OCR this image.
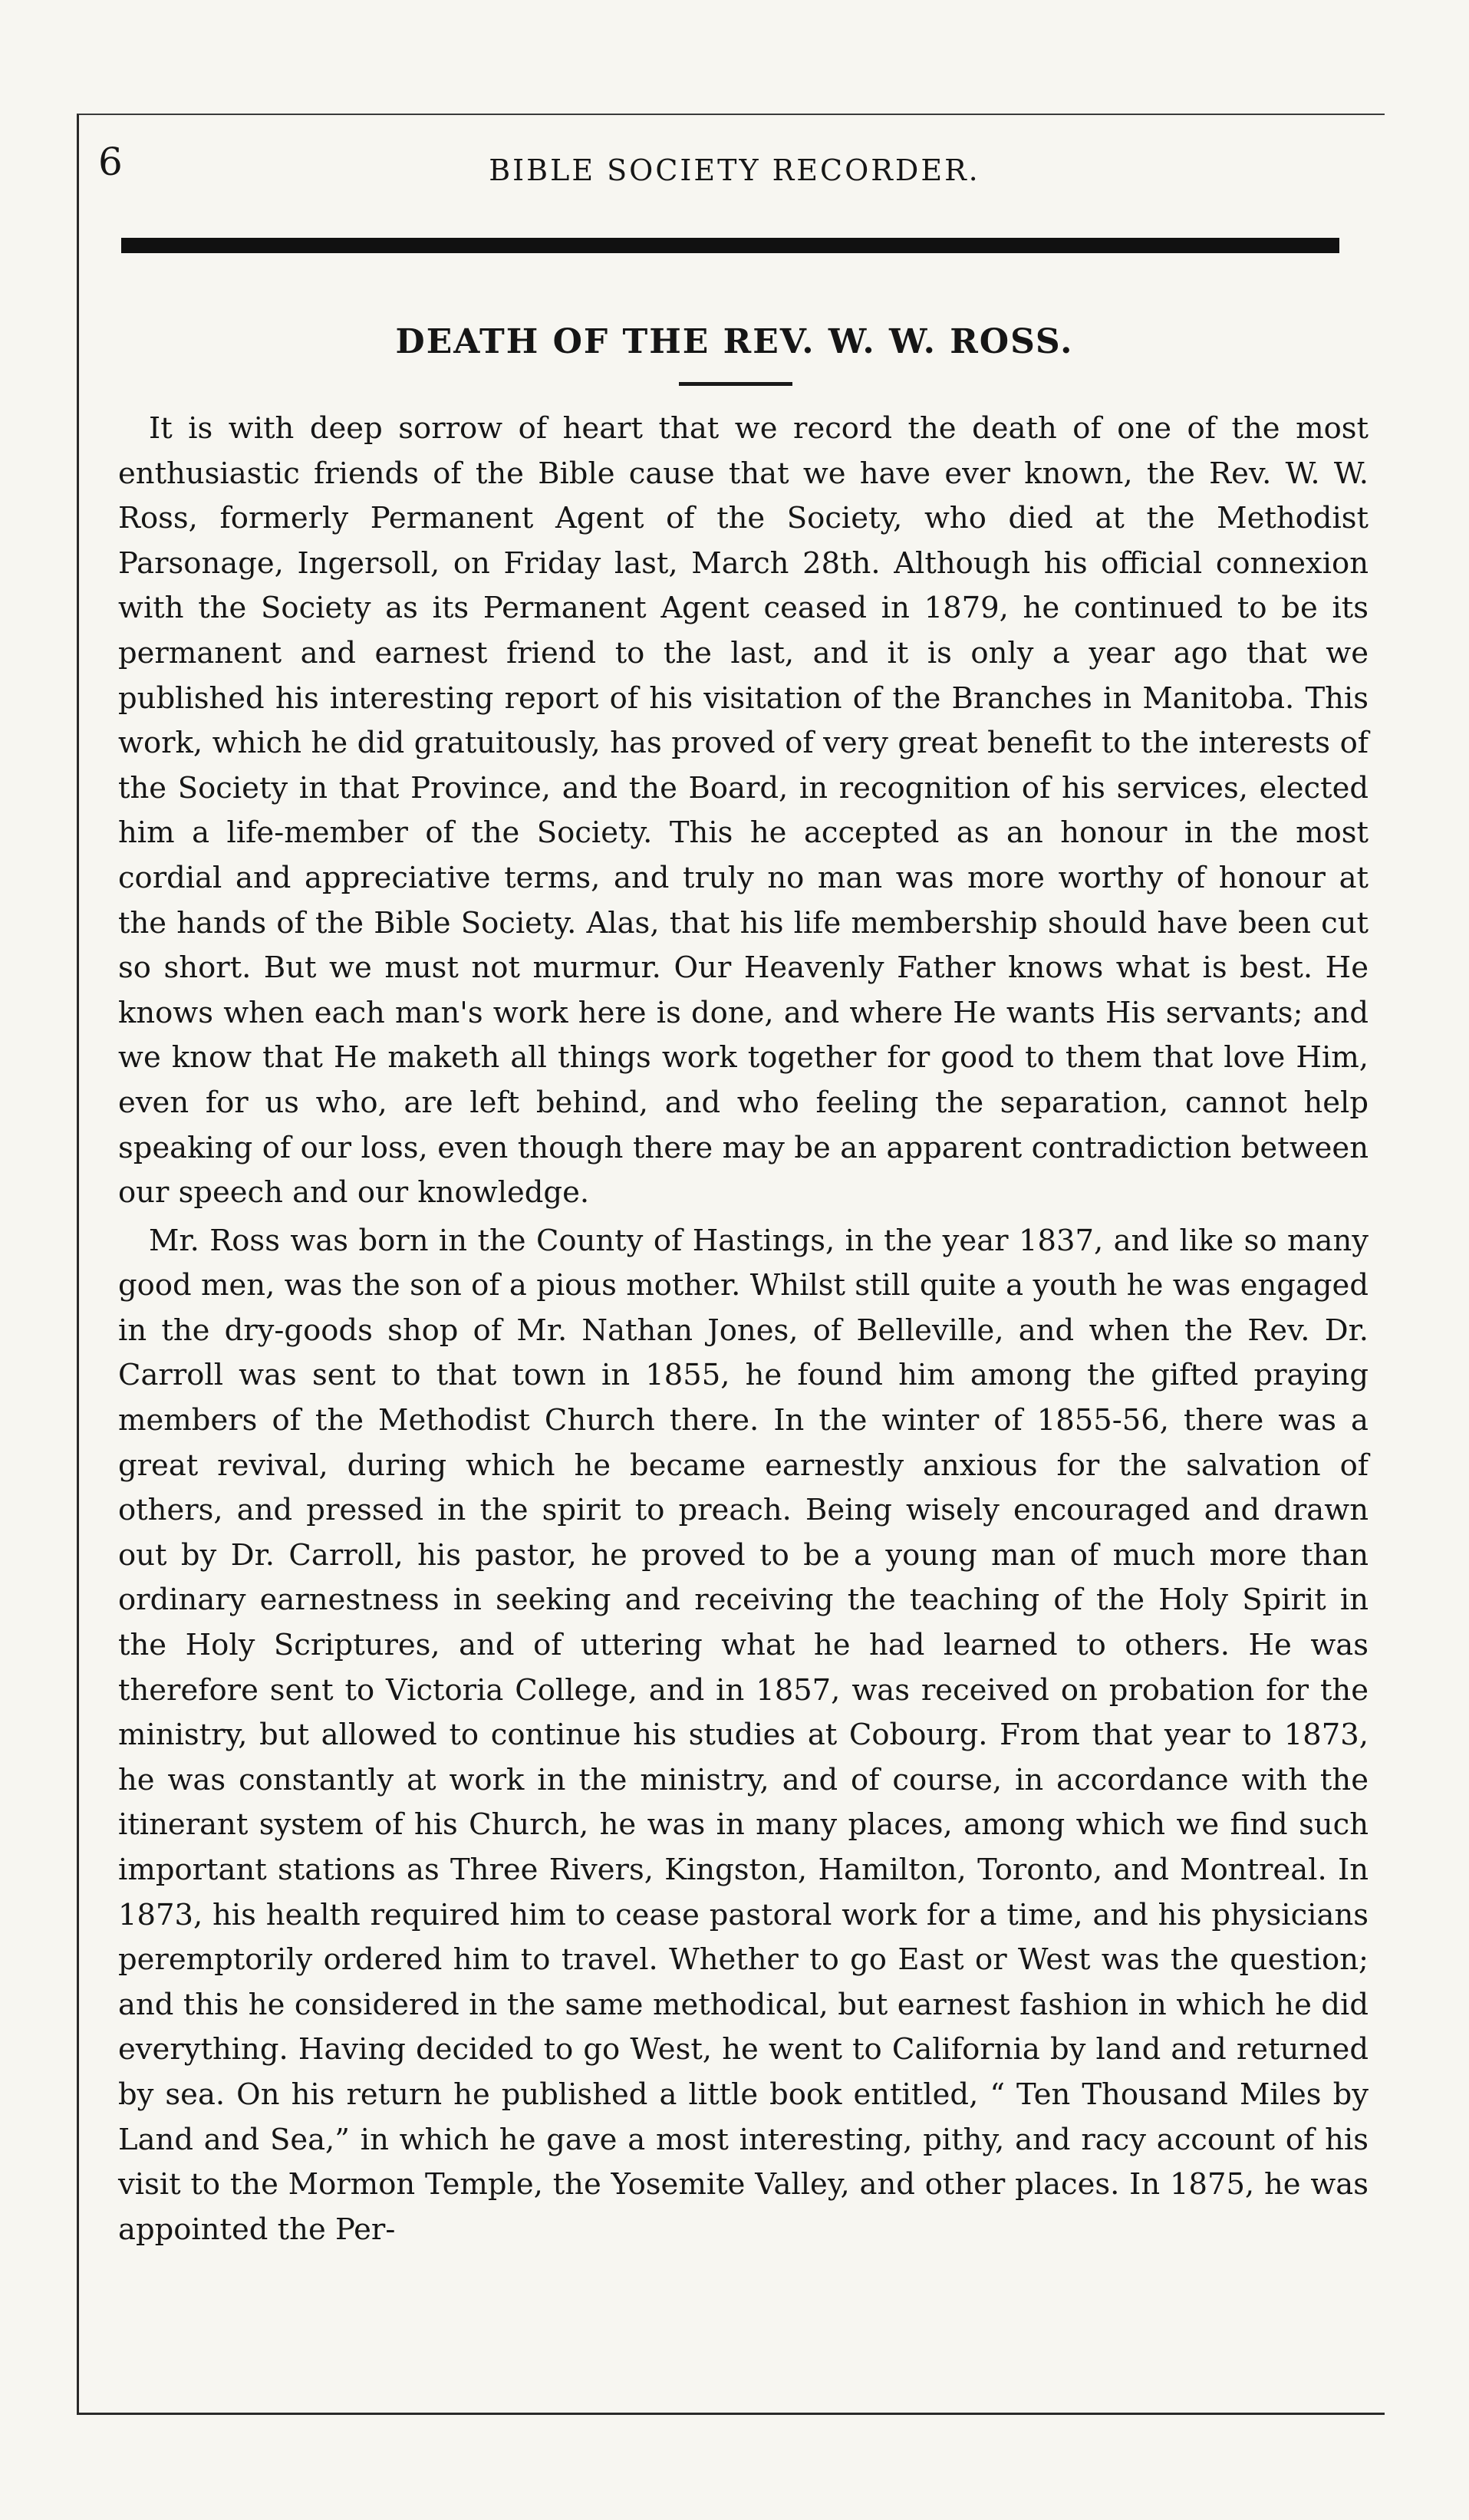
6	BIBLE SOCIETY RECORDER.
DEATH OF THE REV. W. W. ROSS.

It is with deep sorrow of heart that we record the death of one of the most enthusiastic friends of the Bible cause that we have ever known, the Rev. W. W. Ross, formerly Permanent Agent of the Society, who died at the Methodist Parsonage, Ingersoll, on Friday last, March 28th. Although his official connexion with the Society as its Permanent Agent ceased in 1879, he continued to be its permanent and earnest friend to the last, and it is only a year ago that we published his interesting report of his visitation of the Branches in Manitoba. This work, which he did gratuitously, has proved of very great benefit to the interests of the Society in that Province, and the Board, in recognition of his services, elected him a life-member of the Society. This he accepted as an honour in the most cordial and appreciative terms, and truly no man was more worthy of honour at the hands of the Bible Society. Alas, that his life membership should have been cut so short. But we must not murmur. Our Heavenly Father knows what is best. He knows when each man's work here is done, and where He wants His servants; and we know that He maketh all things work together for good to them that love Him, even for us who, are left behind, and who feeling the separation, cannot help speaking of our loss, even though there may be an apparent contradiction between our speech and our knowledge.

Mr. Ross was born in the County of Hastings, in the year 1837, and like so many good men, was the son of a pious mother. Whilst still quite a youth he was engaged in the dry-goods shop of Mr. Nathan Jones, of Belleville, and when the Rev. Dr. Carroll was sent to that town in 1855, he found him among the gifted praying members of the Methodist Church there. In the winter of 1855-56, there was a great revival, during which he became earnestly anxious for the salvation of others, and pressed in the spirit to preach. Being wisely encouraged and drawn out by Dr. Carroll, his pastor, he proved to be a young man of much more than ordinary earnestness in seeking and receiving the teaching of the Holy Spirit in the Holy Scriptures, and of uttering what he had learned to others. He was therefore sent to Victoria College, and in 1857, was received on probation for the ministry, but allowed to continue his studies at Cobourg. From that year to 1873, he was constantly at work in the ministry, and of course, in accordance with the itinerant system of his Church, he was in many places, among which we find such important stations as Three Rivers, Kingston, Hamilton, Toronto, and Montreal. In 1873, his health required him to cease pastoral work for a time, and his physicians peremptorily ordered him to travel. Whether to go East or West was the question; and this he considered in the same methodical, but earnest fashion in which he did everything. Having decided to go West, he went to California by land and returned by sea. On his return he published a little book entitled, “ Ten Thousand Miles by Land and Sea,” in which he gave a most interesting, pithy, and racy account of his visit to the Mormon Temple, the Yosemite Valley, and other places. In 1875, he was appointed the Per-
